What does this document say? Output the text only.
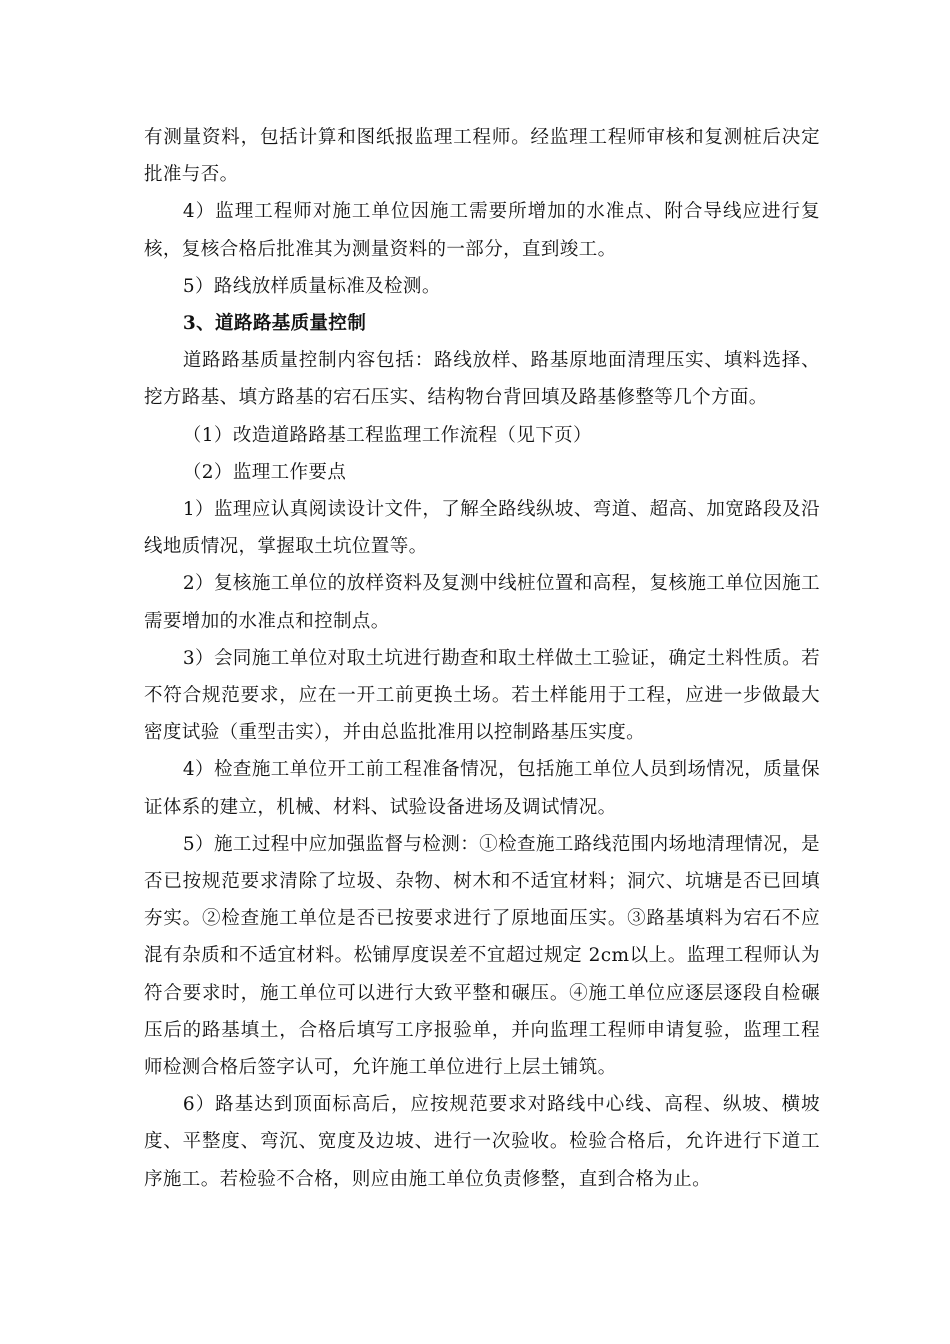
有测量资料，包括计算和图纸报监理工程师。经监理工程师审核和复测桩后决定批准与否。

4）监理工程师对施工单位因施工需要所增加的水准点、附合导线应进行复核，复核合格后批准其为测量资料的一部分，直到竣工。

5）路线放样质量标准及检测。

3、道路路基质量控制

道路路基质量控制内容包括：路线放样、路基原地面清理压实、填料选择、挖方路基、填方路基的宕石压实、结构物台背回填及路基修整等几个方面。

（1）改造道路路基工程监理工作流程（见下页）

（2）监理工作要点

1）监理应认真阅读设计文件，了解全路线纵坡、弯道、超高、加宽路段及沿线地质情况，掌握取土坑位置等。

2）复核施工单位的放样资料及复测中线桩位置和高程，复核施工单位因施工需要增加的水准点和控制点。

3）会同施工单位对取土坑进行勘查和取土样做土工验证，确定土料性质。若不符合规范要求，应在一开工前更换土场。若土样能用于工程，应进一步做最大密度试验（重型击实），并由总监批准用以控制路基压实度。

4）检查施工单位开工前工程准备情况，包括施工单位人员到场情况，质量保证体系的建立，机械、材料、试验设备进场及调试情况。

5）施工过程中应加强监督与检测：①检查施工路线范围内场地清理情况，是否已按规范要求清除了垃圾、杂物、树木和不适宜材料；洞穴、坑塘是否已回填夯实。②检查施工单位是否已按要求进行了原地面压实。③路基填料为宕石不应混有杂质和不适宜材料。松铺厚度误差不宜超过规定 2cm以上。监理工程师认为符合要求时，施工单位可以进行大致平整和碾压。④施工单位应逐层逐段自检碾压后的路基填土，合格后填写工序报验单，并向监理工程师申请复验，监理工程师检测合格后签字认可，允许施工单位进行上层土铺筑。

6）路基达到顶面标高后，应按规范要求对路线中心线、高程、纵坡、横坡度、平整度、弯沉、宽度及边坡、进行一次验收。检验合格后，允许进行下道工序施工。若检验不合格，则应由施工单位负责修整，直到合格为止。
